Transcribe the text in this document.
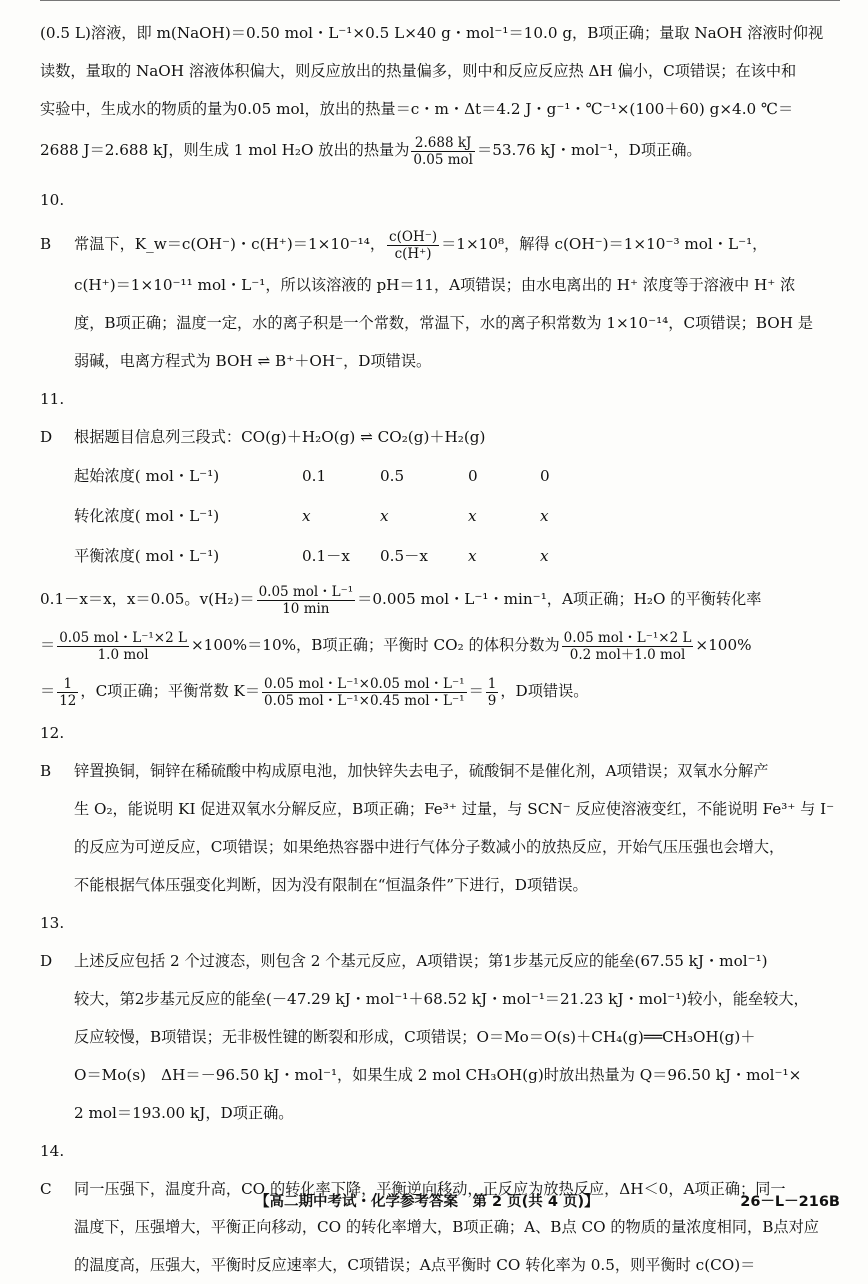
(0.5 L)溶液，即 m(NaOH)＝0.50 mol・L⁻¹×0.5 L×40 g・mol⁻¹＝10.0 g，B项正确；量取 NaOH 溶液时仰视

读数，量取的 NaOH 溶液体积偏大，则反应放出的热量偏多，则中和反应反应热 ΔH 偏小，C项错误；在该中和

实验中，生成水的物质的量为0.05 mol，放出的热量＝c・m・Δt＝4.2 J・g⁻¹・℃⁻¹×(100＋60) g×4.0 ℃＝

2688 J＝2.688 kJ，则生成 1 mol H₂O 放出的热量为 $\frac{2.688 kJ}{\text{0.05 mol}} =53.76$ kJ・mol⁻¹，D项正确。

10. B 常温下，K_w＝c(OH⁻)・c(H⁺)＝1×10⁻¹⁴， $\frac{c(OH^-)}{c(H^+)} =1\times 10^8$，解得 c(OH⁻)＝1×10⁻³ mol・L⁻¹，

c(H⁺)＝1×10⁻¹¹ mol・L⁻¹，所以该溶液的 pH＝11，A项错误；由水电离出的 H⁺ 浓度等于溶液中 H⁺ 浓

度，B项正确；温度一定，水的离子积是一个常数，常温下，水的离子积常数为 1×10⁻¹⁴，C项错误；BOH 是

弱碱，电离方程式为 BOH ⇌ B⁺＋OH⁻，D项错误。

11. D 根据题目信息列三段式：CO(g)＋H₂O(g) ⇌ CO₂(g)＋H₂(g)

起始浓度( mol・L⁻¹)	0.1	0.5	0	0
转化浓度( mol・L⁻¹)	x	x	x	x
平衡浓度( mol・L⁻¹)	0.1－x	0.5－x	x	x

0.1－x＝x，x＝0.05。$v(H_2)= \frac{\text{0.05 mol・L⁻¹}}{10 \min} =0.005$ mol・L⁻¹・min⁻¹，A项正确；H₂O 的平衡转化率

＝ $\frac{\text{0.05 mol・L⁻¹×2 L}}{\text{1.0 mol}} \times 100\%=10\%$，B项正确；平衡时 CO₂ 的体积分数为 $\frac{\text{0.05 mol・L⁻¹×2 L}}{\text{0.2 mol＋1.0 mol}} \times 100\%$

＝ $\frac{1}{12}$ ，C项正确；平衡常数 $K= \frac{\text{0.05 mol・L⁻¹×0.05 mol・L⁻¹}}{\text{0.05 mol・L⁻¹×0.45 mol・L⁻¹}} = \frac{1}{9}$ ，D项错误。

12. B 锌置换铜，铜锌在稀硫酸中构成原电池，加快锌失去电子，硫酸铜不是催化剂，A项错误；双氧水分解产

生 O₂，能说明 KI 促进双氧水分解反应，B项正确；Fe³⁺ 过量，与 SCN⁻ 反应使溶液变红，不能说明 Fe³⁺ 与 I⁻

的反应为可逆反应，C项错误；如果绝热容器中进行气体分子数减小的放热反应，开始气压压强也会增大，

不能根据气体压强变化判断，因为没有限制在“恒温条件”下进行，D项错误。

13. D 上述反应包括 2 个过渡态，则包含 2 个基元反应，A项错误；第1步基元反应的能垒(67.55 kJ・mol⁻¹)

较大，第2步基元反应的能垒(－47.29 kJ・mol⁻¹＋68.52 kJ・mol⁻¹＝21.23 kJ・mol⁻¹)较小，能垒较大，

反应较慢，B项错误；无非极性键的断裂和形成，C项错误；O＝Mo＝O(s)＋CH₄(g)══CH₃OH(g)＋

O＝Mo(s)　ΔH＝－96.50 kJ・mol⁻¹，如果生成 2 mol CH₃OH(g)时放出热量为 Q＝96.50 kJ・mol⁻¹×

2 mol＝193.00 kJ，D项正确。

14. C 同一压强下，温度升高，CO 的转化率下降，平衡逆向移动，正反应为放热反应，ΔH＜0，A项正确；同一

温度下，压强增大，平衡正向移动，CO 的转化率增大，B项正确；A、B点 CO 的物质的量浓度相同，B点对应

的温度高，压强大，平衡时反应速率大，C项错误；A点平衡时 CO 转化率为 0.5，则平衡时 c(CO)＝

【高二期中考试・化学参考答案　第 2 页(共 4 页)】	26－L－216B
